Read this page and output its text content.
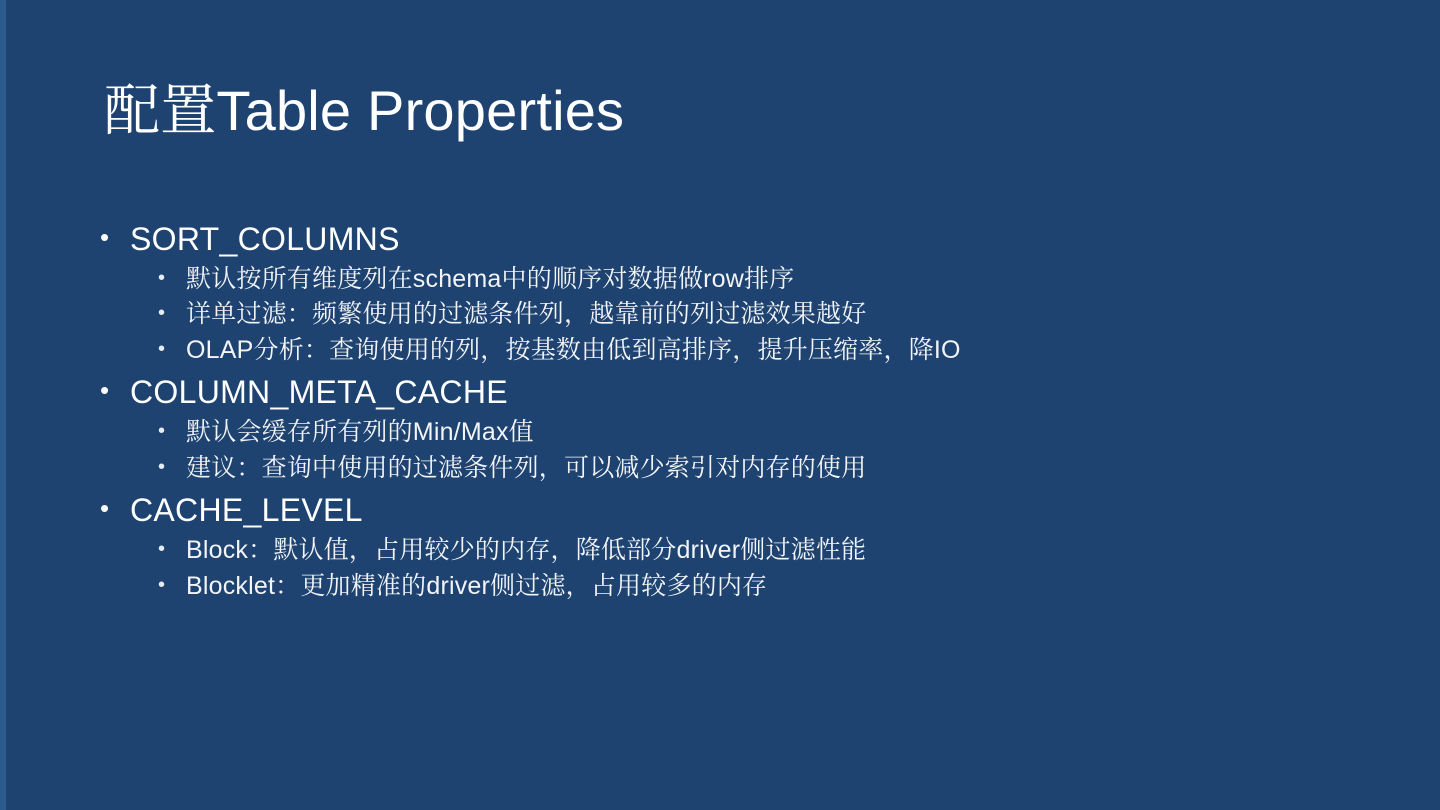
配置Table Properties
• SORT_COLUMNS
• 默认按所有维度列在schema中的顺序对数据做row排序
• 详单过滤：频繁使用的过滤条件列，越靠前的列过滤效果越好
• OLAP分析：查询使用的列，按基数由低到高排序，提升压缩率，降IO
• COLUMN_META_CACHE
• 默认会缓存所有列的Min/Max值
• 建议：查询中使用的过滤条件列，可以减少索引对内存的使用
• CACHE_LEVEL
• Block：默认值，占用较少的内存，降低部分driver侧过滤性能
• Blocklet：更加精准的driver侧过滤，占用较多的内存
